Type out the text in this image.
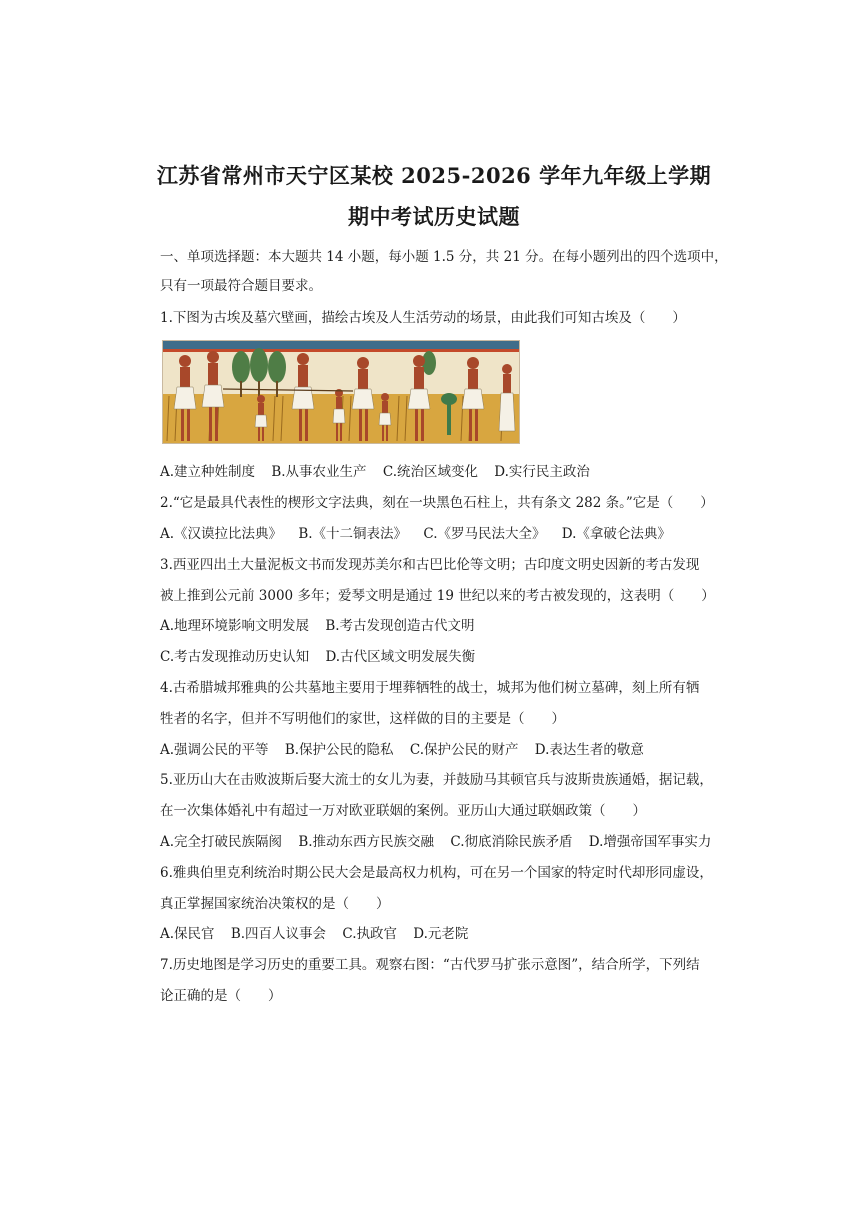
江苏省常州市天宁区某校 2025-2026 学年九年级上学期
期中考试历史试题
一、单项选择题：本大题共 14 小题，每小题 1.5 分，共 21 分。在每小题列出的四个选项中，
只有一项最符合题目要求。
1.下图为古埃及墓穴壁画，描绘古埃及人生活劳动的场景，由此我们可知古埃及（　　）
A.建立种姓制度 B.从事农业生产 C.统治区域变化 D.实行民主政治
2.“它是最具代表性的楔形文字法典，刻在一块黑色石柱上，共有条文 282 条。”它是（　　）
A.《汉谟拉比法典》 B.《十二铜表法》 C.《罗马民法大全》 D.《拿破仑法典》
3.西亚四出土大量泥板文书而发现苏美尔和古巴比伦等文明；古印度文明史因新的考古发现
被上推到公元前 3000 多年；爱琴文明是通过 19 世纪以来的考古被发现的，这表明（　　）
A.地理环境影响文明发展 B.考古发现创造古代文明
C.考古发现推动历史认知 D.古代区域文明发展失衡
4.古希腊城邦雅典的公共墓地主要用于埋葬牺牲的战士，城邦为他们树立墓碑，刻上所有牺
牲者的名字，但并不写明他们的家世，这样做的目的主要是（　　）
A.强调公民的平等 B.保护公民的隐私 C.保护公民的财产 D.表达生者的敬意
5.亚历山大在击败波斯后娶大流士的女儿为妻，并鼓励马其顿官兵与波斯贵族通婚，据记载，
在一次集体婚礼中有超过一万对欧亚联姻的案例。亚历山大通过联姻政策（　　）
A.完全打破民族隔阂 B.推动东西方民族交融 C.彻底消除民族矛盾 D.增强帝国军事实力
6.雅典伯里克利统治时期公民大会是最高权力机构，可在另一个国家的特定时代却形同虚设，
真正掌握国家统治决策权的是（　　）
A.保民官 B.四百人议事会 C.执政官 D.元老院
7.历史地图是学习历史的重要工具。观察右图：“古代罗马扩张示意图”，结合所学，下列结
论正确的是（　　）
